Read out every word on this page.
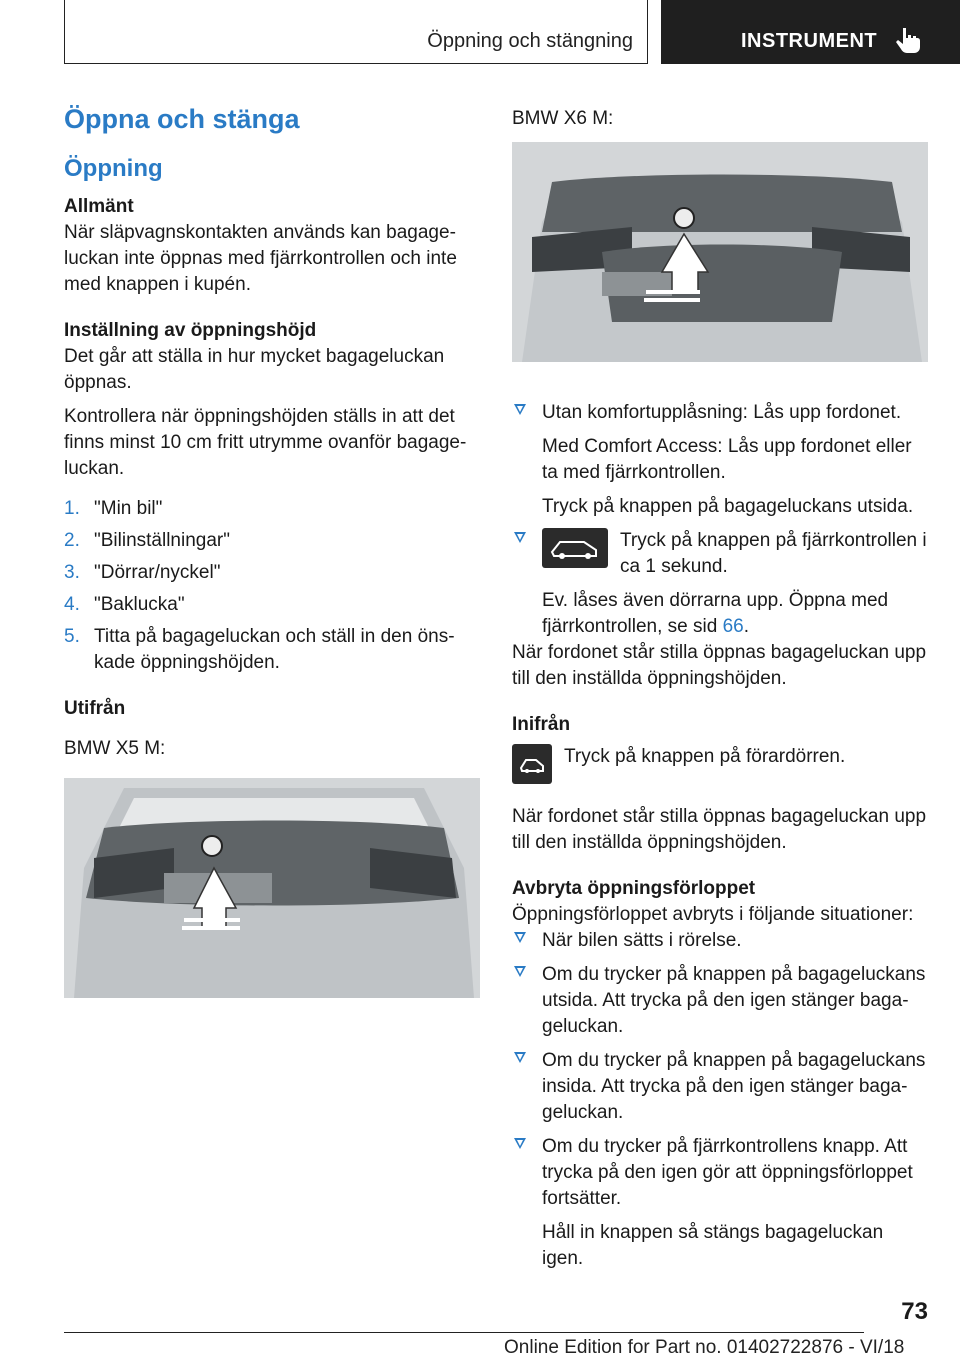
Öppning och stängning	INSTRUMENT
Öppna och stänga
Öppning
Allmänt

När släpvagnskontakten används kan bagageluckan inte öppnas med fjärrkontrollen och inte med knappen i kupén.

Inställning av öppningshöjd

Det går att ställa in hur mycket bagageluckan öppnas.

Kontrollera när öppningshöjden ställs in att det finns minst 10 cm fritt utrymme ovanför bagageluckan.

1. "Min bil"
2. "Bilinställningar"
3. "Dörrar/nyckel"
4. "Baklucka"
5. Titta på bagageluckan och ställ in den önskade öppningshöjden.
Utifrån

BMW X5 M:

BMW X6 M:

Utan komfortupplåsning: Lås upp fordonet.

Med Comfort Access: Lås upp fordonet eller ta med fjärrkontrollen.

Tryck på knappen på bagageluckans utsida.

Tryck på knappen på fjärrkontrollen i ca 1 sekund.

Ev. låses även dörrarna upp. Öppna med fjärrkontrollen, se sid 66.

När fordonet står stilla öppnas bagageluckan upp till den inställda öppningshöjden.

Inifrån

Tryck på knappen på förardörren.

När fordonet står stilla öppnas bagageluckan upp till den inställda öppningshöjden.

Avbryta öppningsförloppet

Öppningsförloppet avbryts i följande situationer:

När bilen sätts i rörelse.

Om du trycker på knappen på bagageluckans utsida. Att trycka på den igen stänger bagageluckan.

Om du trycker på knappen på bagageluckans insida. Att trycka på den igen stänger bagageluckan.

Om du trycker på fjärrkontrollens knapp. Att trycka på den igen gör att öppningsförloppet fortsätter.

Håll in knappen så stängs bagageluckan igen.

73
Online Edition for Part no. 01402722876 - VI/18
